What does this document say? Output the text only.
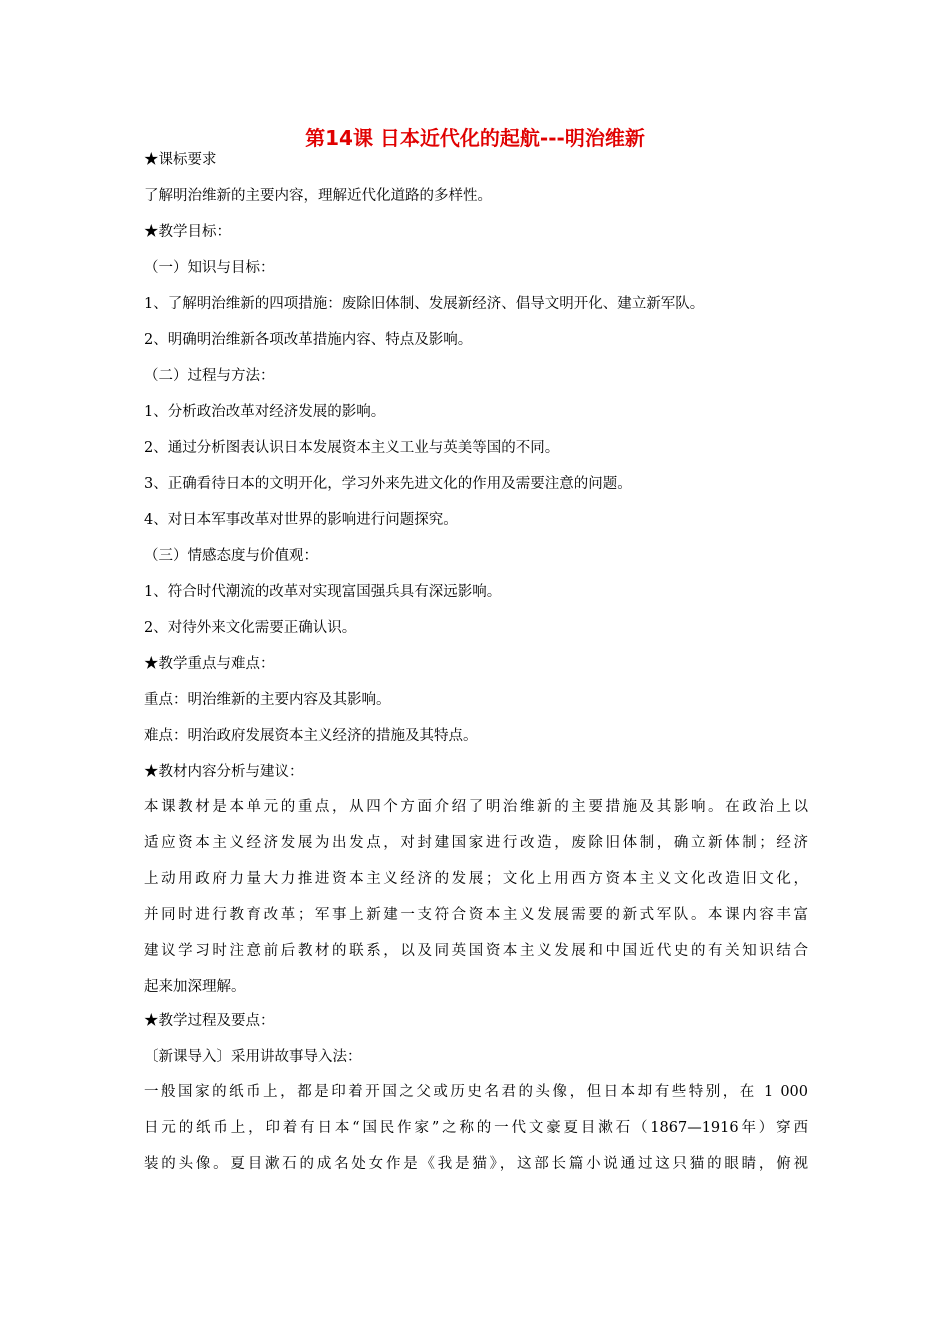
第14课 日本近代化的起航---明治维新
★课标要求
了解明治维新的主要内容，理解近代化道路的多样性。
★教学目标：
（一）知识与目标：
1、了解明治维新的四项措施：废除旧体制、发展新经济、倡导文明开化、建立新军队。
2、明确明治维新各项改革措施内容、特点及影响。
（二）过程与方法：
1、分析政治改革对经济发展的影响。
2、通过分析图表认识日本发展资本主义工业与英美等国的不同。
3、正确看待日本的文明开化，学习外来先进文化的作用及需要注意的问题。
4、对日本军事改革对世界的影响进行问题探究。
（三）情感态度与价值观：
1、符合时代潮流的改革对实现富国强兵具有深远影响。
2、对待外来文化需要正确认识。
★教学重点与难点：
重点：明治维新的主要内容及其影响。
难点：明治政府发展资本主义经济的措施及其特点。
★教材内容分析与建议：
本课教材是本单元的重点，从四个方面介绍了明治维新的主要措施及其影响。在政治上以
适应资本主义经济发展为出发点，对封建国家进行改造，废除旧体制，确立新体制；经济
上动用政府力量大力推进资本主义经济的发展；文化上用西方资本主义文化改造旧文化，
并同时进行教育改革；军事上新建一支符合资本主义发展需要的新式军队。本课内容丰富
建议学习时注意前后教材的联系，以及同英国资本主义发展和中国近代史的有关知识结合
起来加深理解。
★教学过程及要点：
〔新课导入〕采用讲故事导入法：
一般国家的纸币上，都是印着开国之父或历史名君的头像，但日本却有些特别，在 1 000
日元的纸币上，印着有日本“国民作家”之称的一代文豪夏目漱石（1867—1916年）穿西
装的头像。夏目漱石的成名处女作是《我是猫》，这部长篇小说通过这只猫的眼睛，俯视
